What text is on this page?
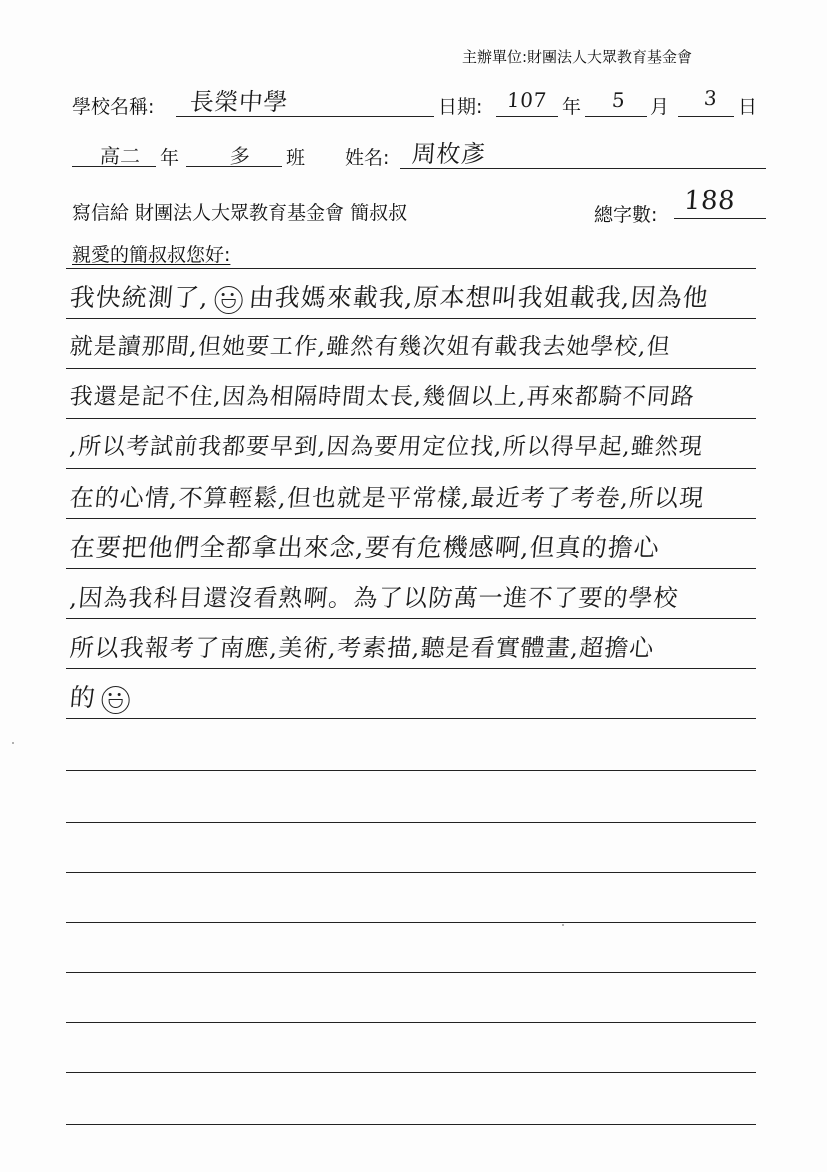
主辦單位:財團法人大眾教育基金會
學校名稱: 長榮中學	日期: 107 年 5 月 3 日
高二 年	多 班 姓名: 周枚彥
寫信給 財團法人大眾教育基金會 簡叔叔	總字數: 188
親愛的簡叔叔您好:
我快統測了, 由我媽來載我,原本想叫我姐載我,因為他
就是讀那間,但她要工作,雖然有幾次姐有載我去她學校,但
我還是記不住,因為相隔時間太長,幾個以上,再來都騎不同路
,所以考試前我都要早到,因為要用定位找,所以得早起,雖然現
在的心情,不算輕鬆,但也就是平常樣,最近考了考卷,所以現
在要把他們全都拿出來念,要有危機感啊,但真的擔心
,因為我科目還沒看熟啊。為了以防萬一進不了要的學校
所以我報考了南應,美術,考素描,聽是看實體畫,超擔心
的
